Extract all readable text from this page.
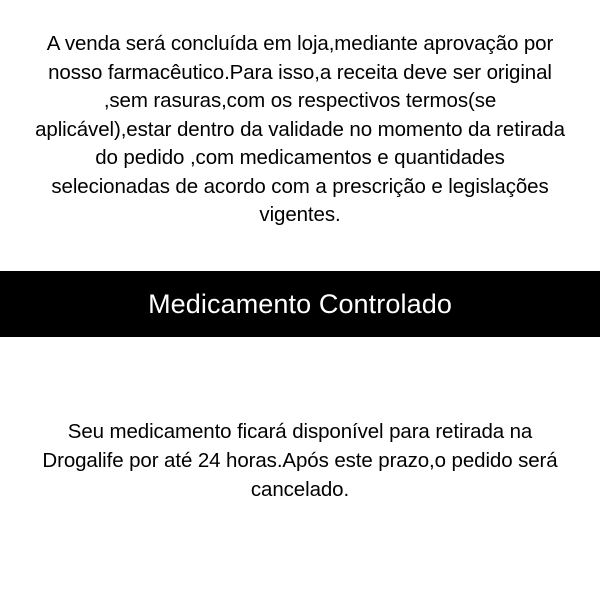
A venda será concluída em loja,mediante aprovação por nosso farmacêutico.Para isso,a receita deve ser original ,sem rasuras,com os respectivos termos(se aplicável),estar dentro da validade no momento da retirada do pedido ,com medicamentos e quantidades selecionadas de acordo com a prescrição e legislações vigentes.

Medicamento Controlado

Seu medicamento ficará disponível para retirada na Drogalife por até 24 horas.Após este prazo,o pedido será cancelado.
